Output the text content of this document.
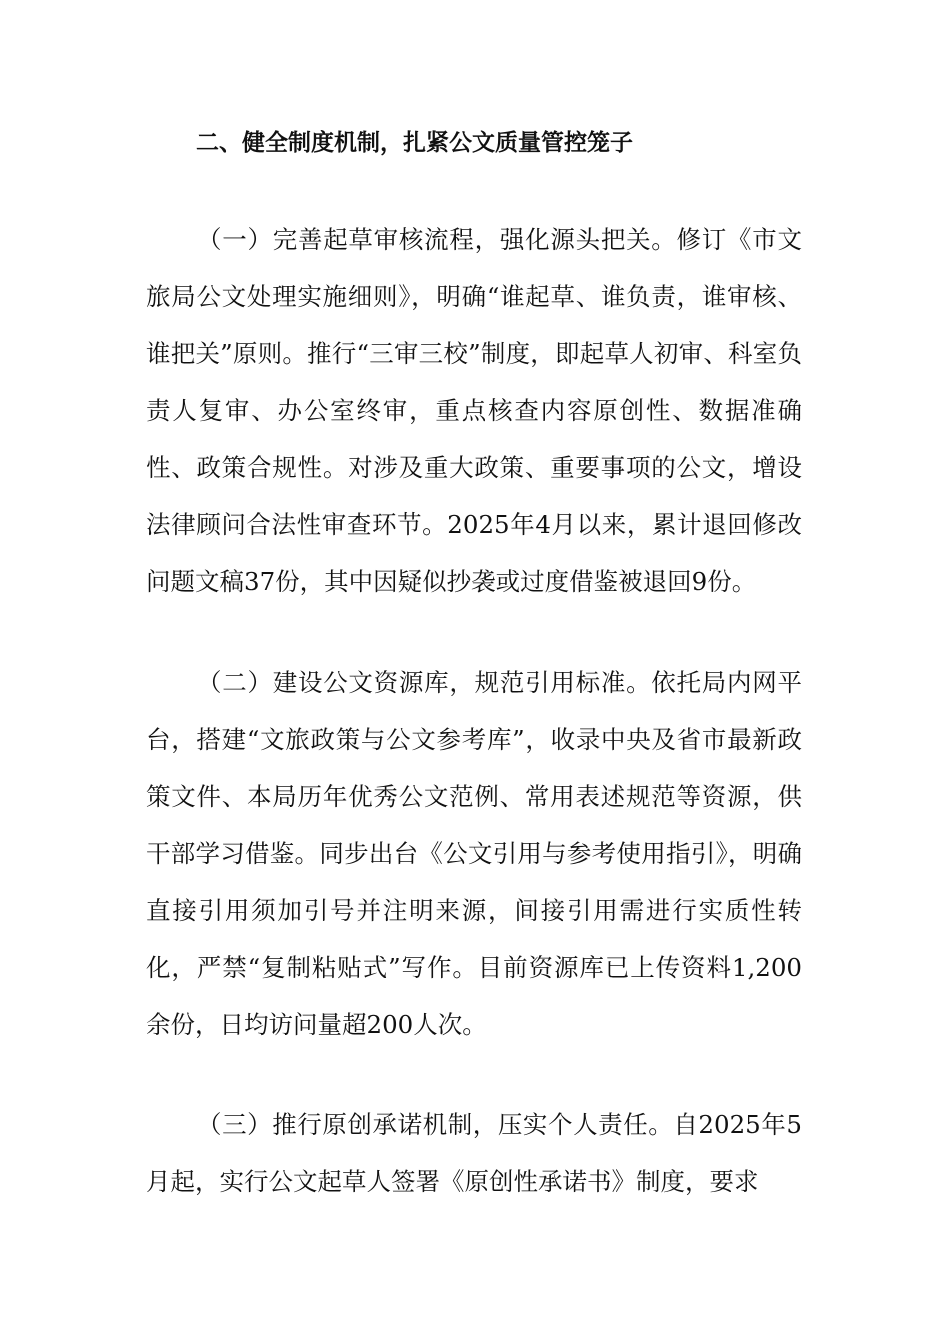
二、健全制度机制，扎紧公文质量管控笼子

（一）完善起草审核流程，强化源头把关。修订《市文旅局公文处理实施细则》，明确“谁起草、谁负责，谁审核、谁把关”原则。推行“三审三校”制度，即起草人初审、科室负责人复审、办公室终审，重点核查内容原创性、数据准确性、政策合规性。对涉及重大政策、重要事项的公文，增设法律顾问合法性审查环节。2025年4月以来，累计退回修改问题文稿37份，其中因疑似抄袭或过度借鉴被退回9份。

（二）建设公文资源库，规范引用标准。依托局内网平台，搭建“文旅政策与公文参考库”，收录中央及省市最新政策文件、本局历年优秀公文范例、常用表述规范等资源，供干部学习借鉴。同步出台《公文引用与参考使用指引》，明确直接引用须加引号并注明来源，间接引用需进行实质性转化，严禁“复制粘贴式”写作。目前资源库已上传资料1,200余份，日均访问量超200人次。

（三）推行原创承诺机制，压实个人责任。自2025年5月起，实行公文起草人签署《原创性承诺书》制度，要求
